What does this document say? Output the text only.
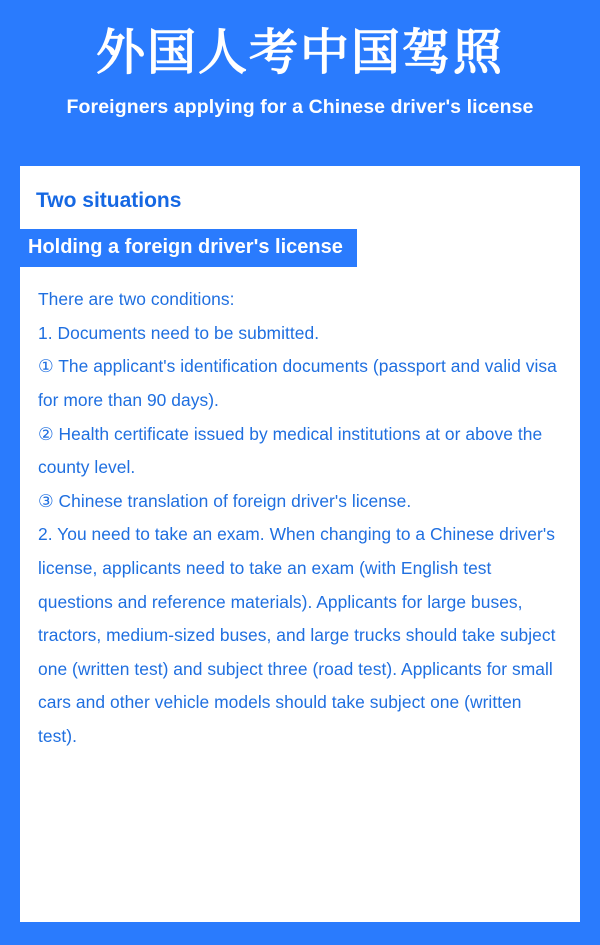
外国人考中国驾照
Foreigners applying for a Chinese driver's license
Two situations
Holding a foreign driver's license

There are two conditions:

1. Documents need to be submitted.

① The applicant's identification documents (passport and valid visa for more than 90 days).

② Health certificate issued by medical institutions at or above the county level.

③ Chinese translation of foreign driver's license.

2. You need to take an exam. When changing to a Chinese driver's license, applicants need to take an exam (with English test questions and reference materials). Applicants for large buses, tractors, medium-sized buses, and large trucks should take subject one (written test) and subject three (road test). Applicants for small cars and other vehicle models should take subject one (written test).
